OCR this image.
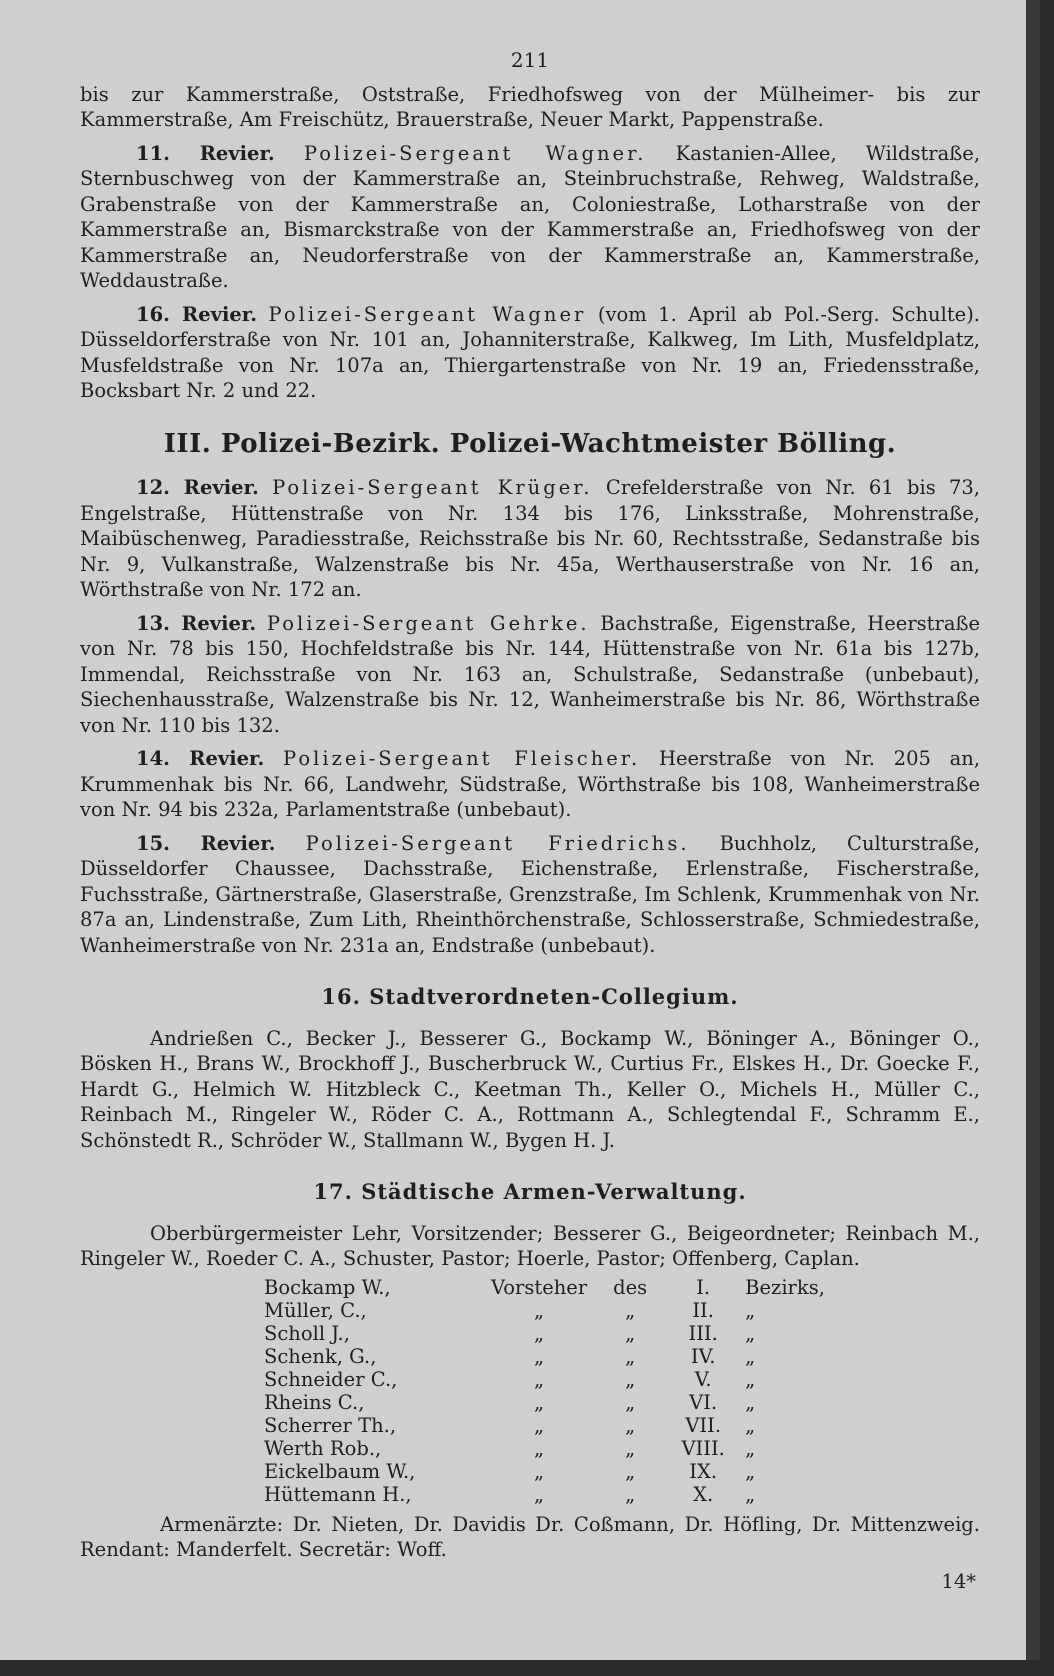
211

bis zur Kammerstraße, Oststraße, Friedhofsweg von der Mülheimer- bis zur Kammerstraße, Am Freischütz, Brauerstraße, Neuer Markt, Pappenstraße.

11. Revier. Polizei-Sergeant Wagner. Kastanien-Allee, Wildstraße, Sternbuschweg von der Kammerstraße an, Steinbruchstraße, Rehweg, Waldstraße, Grabenstraße von der Kammerstraße an, Coloniestraße, Lotharstraße von der Kammerstraße an, Bismarckstraße von der Kammerstraße an, Friedhofsweg von der Kammerstraße an, Neudorferstraße von der Kammerstraße an, Kammerstraße, Weddaustraße.

16. Revier. Polizei-Sergeant Wagner (vom 1. April ab Pol.-Serg. Schulte). Düsseldorferstraße von Nr. 101 an, Johanniterstraße, Kalkweg, Im Lith, Musfeldplatz, Musfeldstraße von Nr. 107a an, Thiergartenstraße von Nr. 19 an, Friedensstraße, Bocksbart Nr. 2 und 22.

III. Polizei-Bezirk. Polizei-Wachtmeister Bölling.

12. Revier. Polizei-Sergeant Krüger. Crefelderstraße von Nr. 61 bis 73, Engelstraße, Hüttenstraße von Nr. 134 bis 176, Linksstraße, Mohrenstraße, Maibüschenweg, Paradiesstraße, Reichsstraße bis Nr. 60, Rechtsstraße, Sedanstraße bis Nr. 9, Vulkanstraße, Walzenstraße bis Nr. 45a, Werthauserstraße von Nr. 16 an, Wörthstraße von Nr. 172 an.

13. Revier. Polizei-Sergeant Gehrke. Bachstraße, Eigenstraße, Heerstraße von Nr. 78 bis 150, Hochfeldstraße bis Nr. 144, Hüttenstraße von Nr. 61a bis 127b, Immendal, Reichsstraße von Nr. 163 an, Schulstraße, Sedanstraße (unbebaut), Siechenhausstraße, Walzenstraße bis Nr. 12, Wanheimerstraße bis Nr. 86, Wörthstraße von Nr. 110 bis 132.

14. Revier. Polizei-Sergeant Fleischer. Heerstraße von Nr. 205 an, Krummenhak bis Nr. 66, Landwehr, Südstraße, Wörthstraße bis 108, Wanheimerstraße von Nr. 94 bis 232a, Parlamentstraße (unbebaut).

15. Revier. Polizei-Sergeant Friedrichs. Buchholz, Culturstraße, Düsseldorfer Chaussee, Dachsstraße, Eichenstraße, Erlenstraße, Fischerstraße, Fuchsstraße, Gärtnerstraße, Glaserstraße, Grenzstraße, Im Schlenk, Krummenhak von Nr. 87a an, Lindenstraße, Zum Lith, Rheinthörchenstraße, Schlosserstraße, Schmiedestraße, Wanheimerstraße von Nr. 231a an, Endstraße (unbebaut).

16. Stadtverordneten-Collegium.

Andrießen C., Becker J., Besserer G., Bockamp W., Böninger A., Böninger O., Bösken H., Brans W., Brockhoff J., Buscherbruck W., Curtius Fr., Elskes H., Dr. Goecke F., Hardt G., Helmich W. Hitzbleck C., Keetman Th., Keller O., Michels H., Müller C., Reinbach M., Ringeler W., Röder C. A., Rottmann A., Schlegtendal F., Schramm E., Schönstedt R., Schröder W., Stallmann W., Bygen H. J.

17. Städtische Armen-Verwaltung.

Oberbürgermeister Lehr, Vorsitzender; Besserer G., Beigeordneter; Reinbach M., Ringeler W., Roeder C. A., Schuster, Pastor; Hoerle, Pastor; Offenberg, Caplan.

Bockamp W.,	Vorsteher	des	I.	Bezirks,
Müller, C.,	„	„	II.	„
Scholl J.,	„	„	III.	„
Schenk, G.,	„	„	IV.	„
Schneider C.,	„	„	V.	„
Rheins C.,	„	„	VI.	„
Scherrer Th.,	„	„	VII.	„
Werth Rob.,	„	„	VIII.	„
Eickelbaum W.,	„	„	IX.	„
Hüttemann H.,	„	„	X.	„

Armenärzte: Dr. Nieten, Dr. Davidis Dr. Coßmann, Dr. Höfling, Dr. Mittenzweig. Rendant: Manderfelt. Secretär: Woff.

14*
